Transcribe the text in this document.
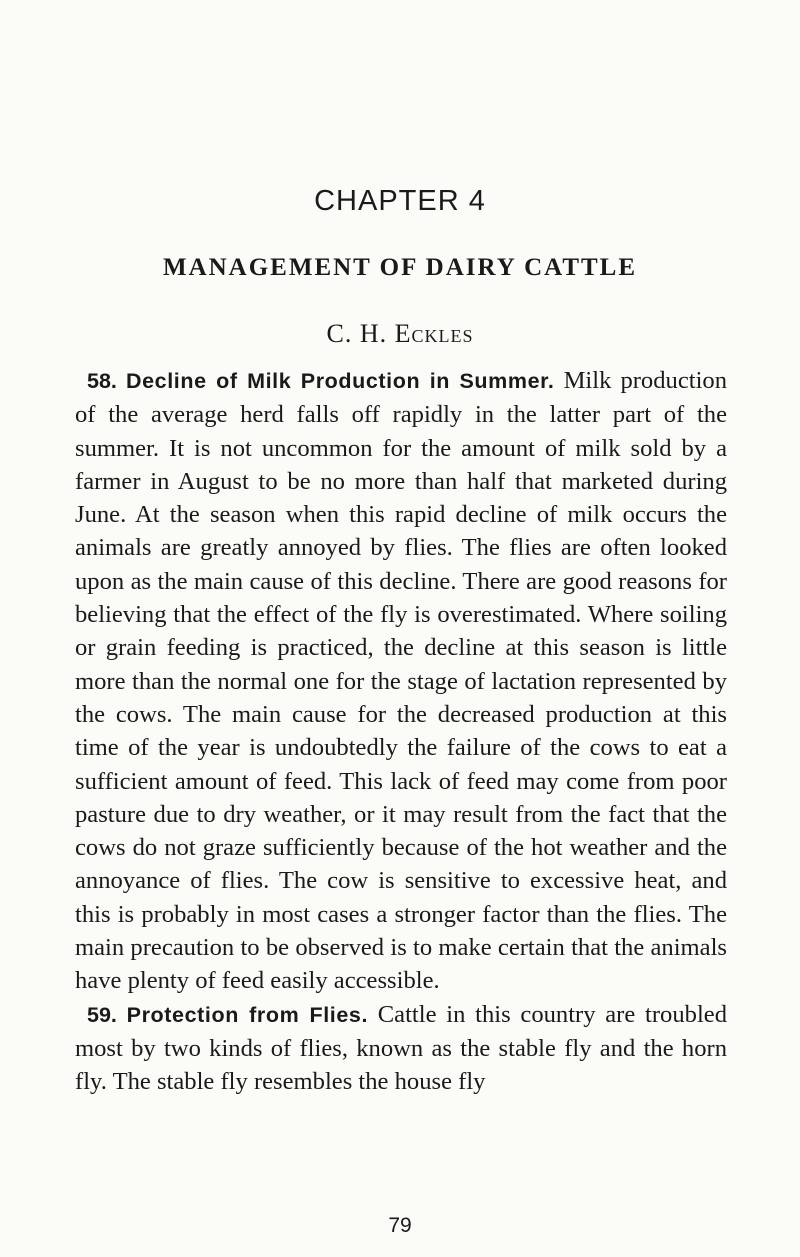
CHAPTER 4
MANAGEMENT OF DAIRY CATTLE

C. H. Eckles

58. Decline of Milk Production in Summer. Milk production of the average herd falls off rapidly in the latter part of the summer. It is not uncommon for the amount of milk sold by a farmer in August to be no more than half that marketed during June. At the season when this rapid decline of milk occurs the animals are greatly annoyed by flies. The flies are often looked upon as the main cause of this decline. There are good reasons for believing that the effect of the fly is overestimated. Where soiling or grain feeding is practiced, the decline at this season is little more than the normal one for the stage of lactation represented by the cows. The main cause for the decreased production at this time of the year is undoubtedly the failure of the cows to eat a sufficient amount of feed. This lack of feed may come from poor pasture due to dry weather, or it may result from the fact that the cows do not graze sufficiently because of the hot weather and the annoyance of flies. The cow is sensitive to excessive heat, and this is probably in most cases a stronger factor than the flies. The main precaution to be observed is to make certain that the animals have plenty of feed easily accessible.

59. Protection from Flies. Cattle in this country are troubled most by two kinds of flies, known as the stable fly and the horn fly. The stable fly resembles the house fly

79
